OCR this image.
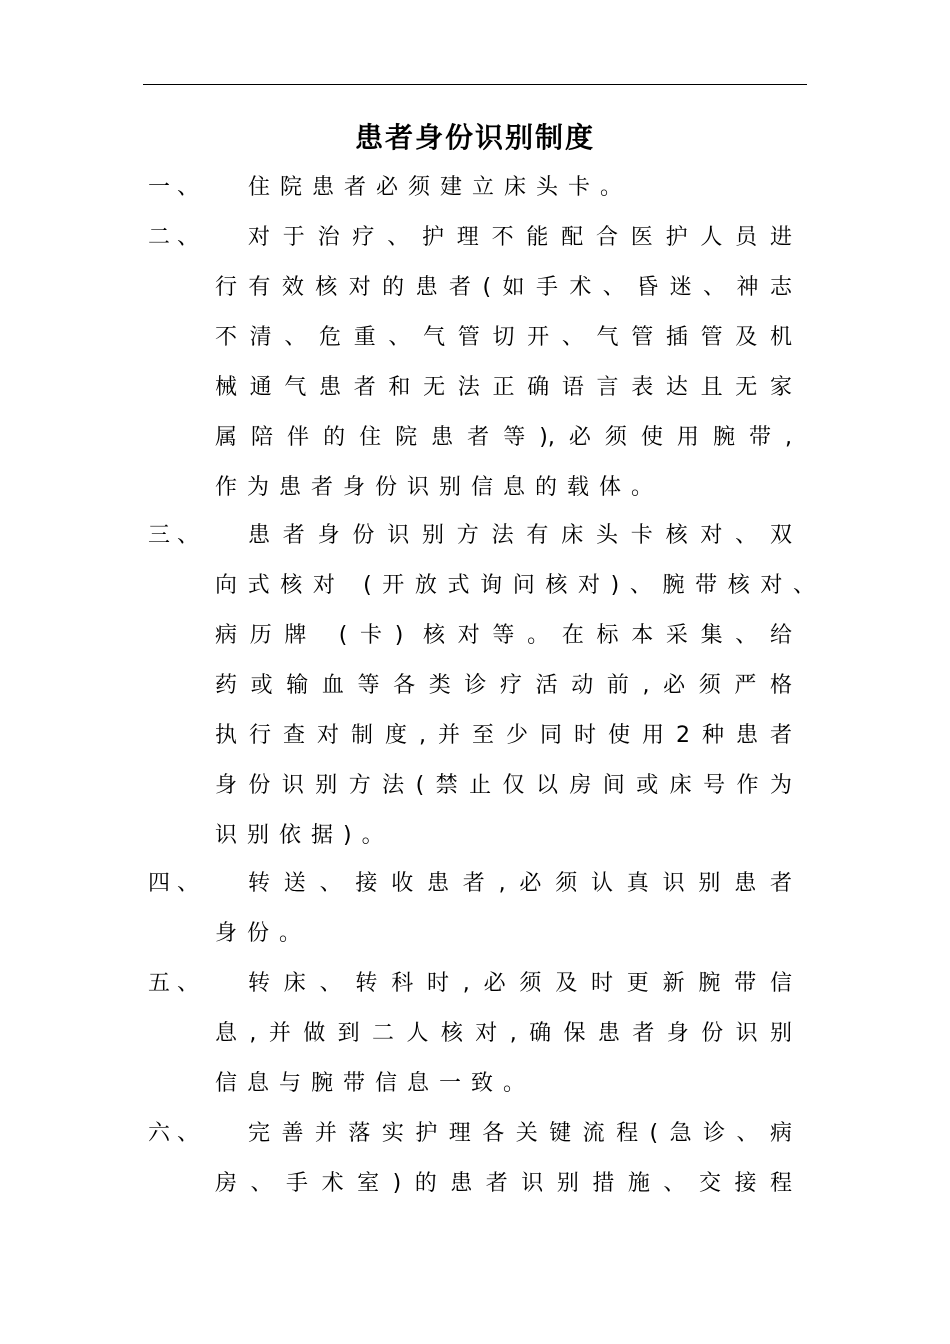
患者身份识别制度
一、 住院患者必须建立床头卡。
二、 对于治疗、护理不能配合医护人员进
行有效核对的患者(如手术、昏迷、神志
不清、危重、气管切开、气管插管及机
械通气患者和无法正确语言表达且无家
属陪伴的住院患者等),必须使用腕带,
作为患者身份识别信息的载体。
三、 患者身份识别方法有床头卡核对、双
向式核对 (开放式询问核对)、腕带核对、
病历牌 (卡) 核对等。在标本采集、给
药或输血等各类诊疗活动前,必须严格
执行查对制度,并至少同时使用2种患者
身份识别方法(禁止仅以房间或床号作为
识别依据)。
四、 转送、接收患者,必须认真识别患者
身份。
五、 转床、转科时,必须及时更新腕带信
息,并做到二人核对,确保患者身份识别
信息与腕带信息一致。
六、 完善并落实护理各关键流程(急诊、病
房、手术室)的患者识别措施、交接程
